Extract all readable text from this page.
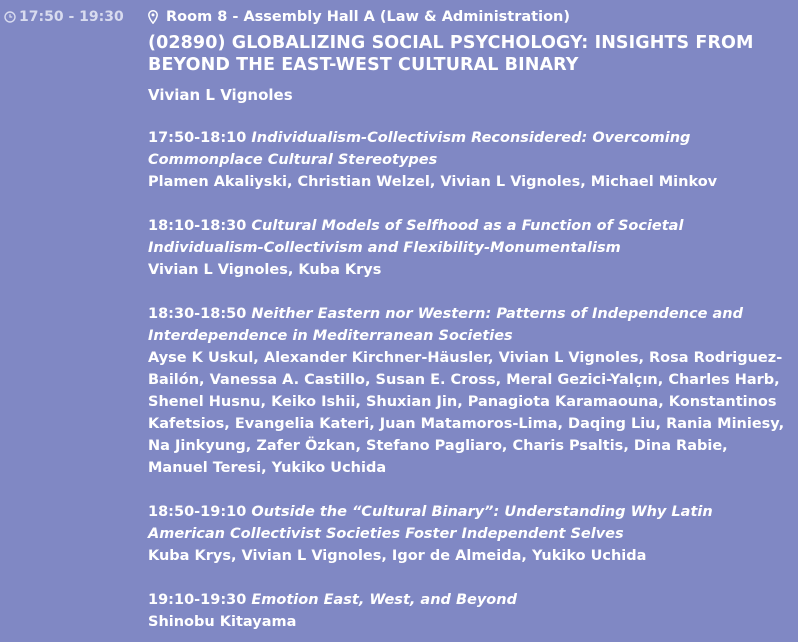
17:50 - 19:30	Room 8 - Assembly Hall A (Law & Administration)
(02890) GLOBALIZING SOCIAL PSYCHOLOGY: INSIGHTS FROM BEYOND THE EAST-WEST CULTURAL BINARY
Vivian L Vignoles
17:50-18:10 Individualism-Collectivism Reconsidered: Overcoming Commonplace Cultural Stereotypes
Plamen Akaliyski, Christian Welzel, Vivian L Vignoles, Michael Minkov
18:10-18:30 Cultural Models of Selfhood as a Function of Societal Individualism-Collectivism and Flexibility-Monumentalism
Vivian L Vignoles, Kuba Krys
18:30-18:50 Neither Eastern nor Western: Patterns of Independence and Interdependence in Mediterranean Societies
Ayse K Uskul, Alexander Kirchner-Häusler, Vivian L Vignoles, Rosa Rodriguez-Bailón, Vanessa A. Castillo, Susan E. Cross, Meral Gezici-Yalçın, Charles Harb, Shenel Husnu, Keiko Ishii, Shuxian Jin, Panagiota Karamaouna, Konstantinos Kafetsios, Evangelia Kateri, Juan Matamoros-Lima, Daqing Liu, Rania Miniesy, Na Jinkyung, Zafer Özkan, Stefano Pagliaro, Charis Psaltis, Dina Rabie, Manuel Teresi, Yukiko Uchida
18:50-19:10 Outside the “Cultural Binary”: Understanding Why Latin American Collectivist Societies Foster Independent Selves
Kuba Krys, Vivian L Vignoles, Igor de Almeida, Yukiko Uchida
19:10-19:30 Emotion East, West, and Beyond
Shinobu Kitayama
